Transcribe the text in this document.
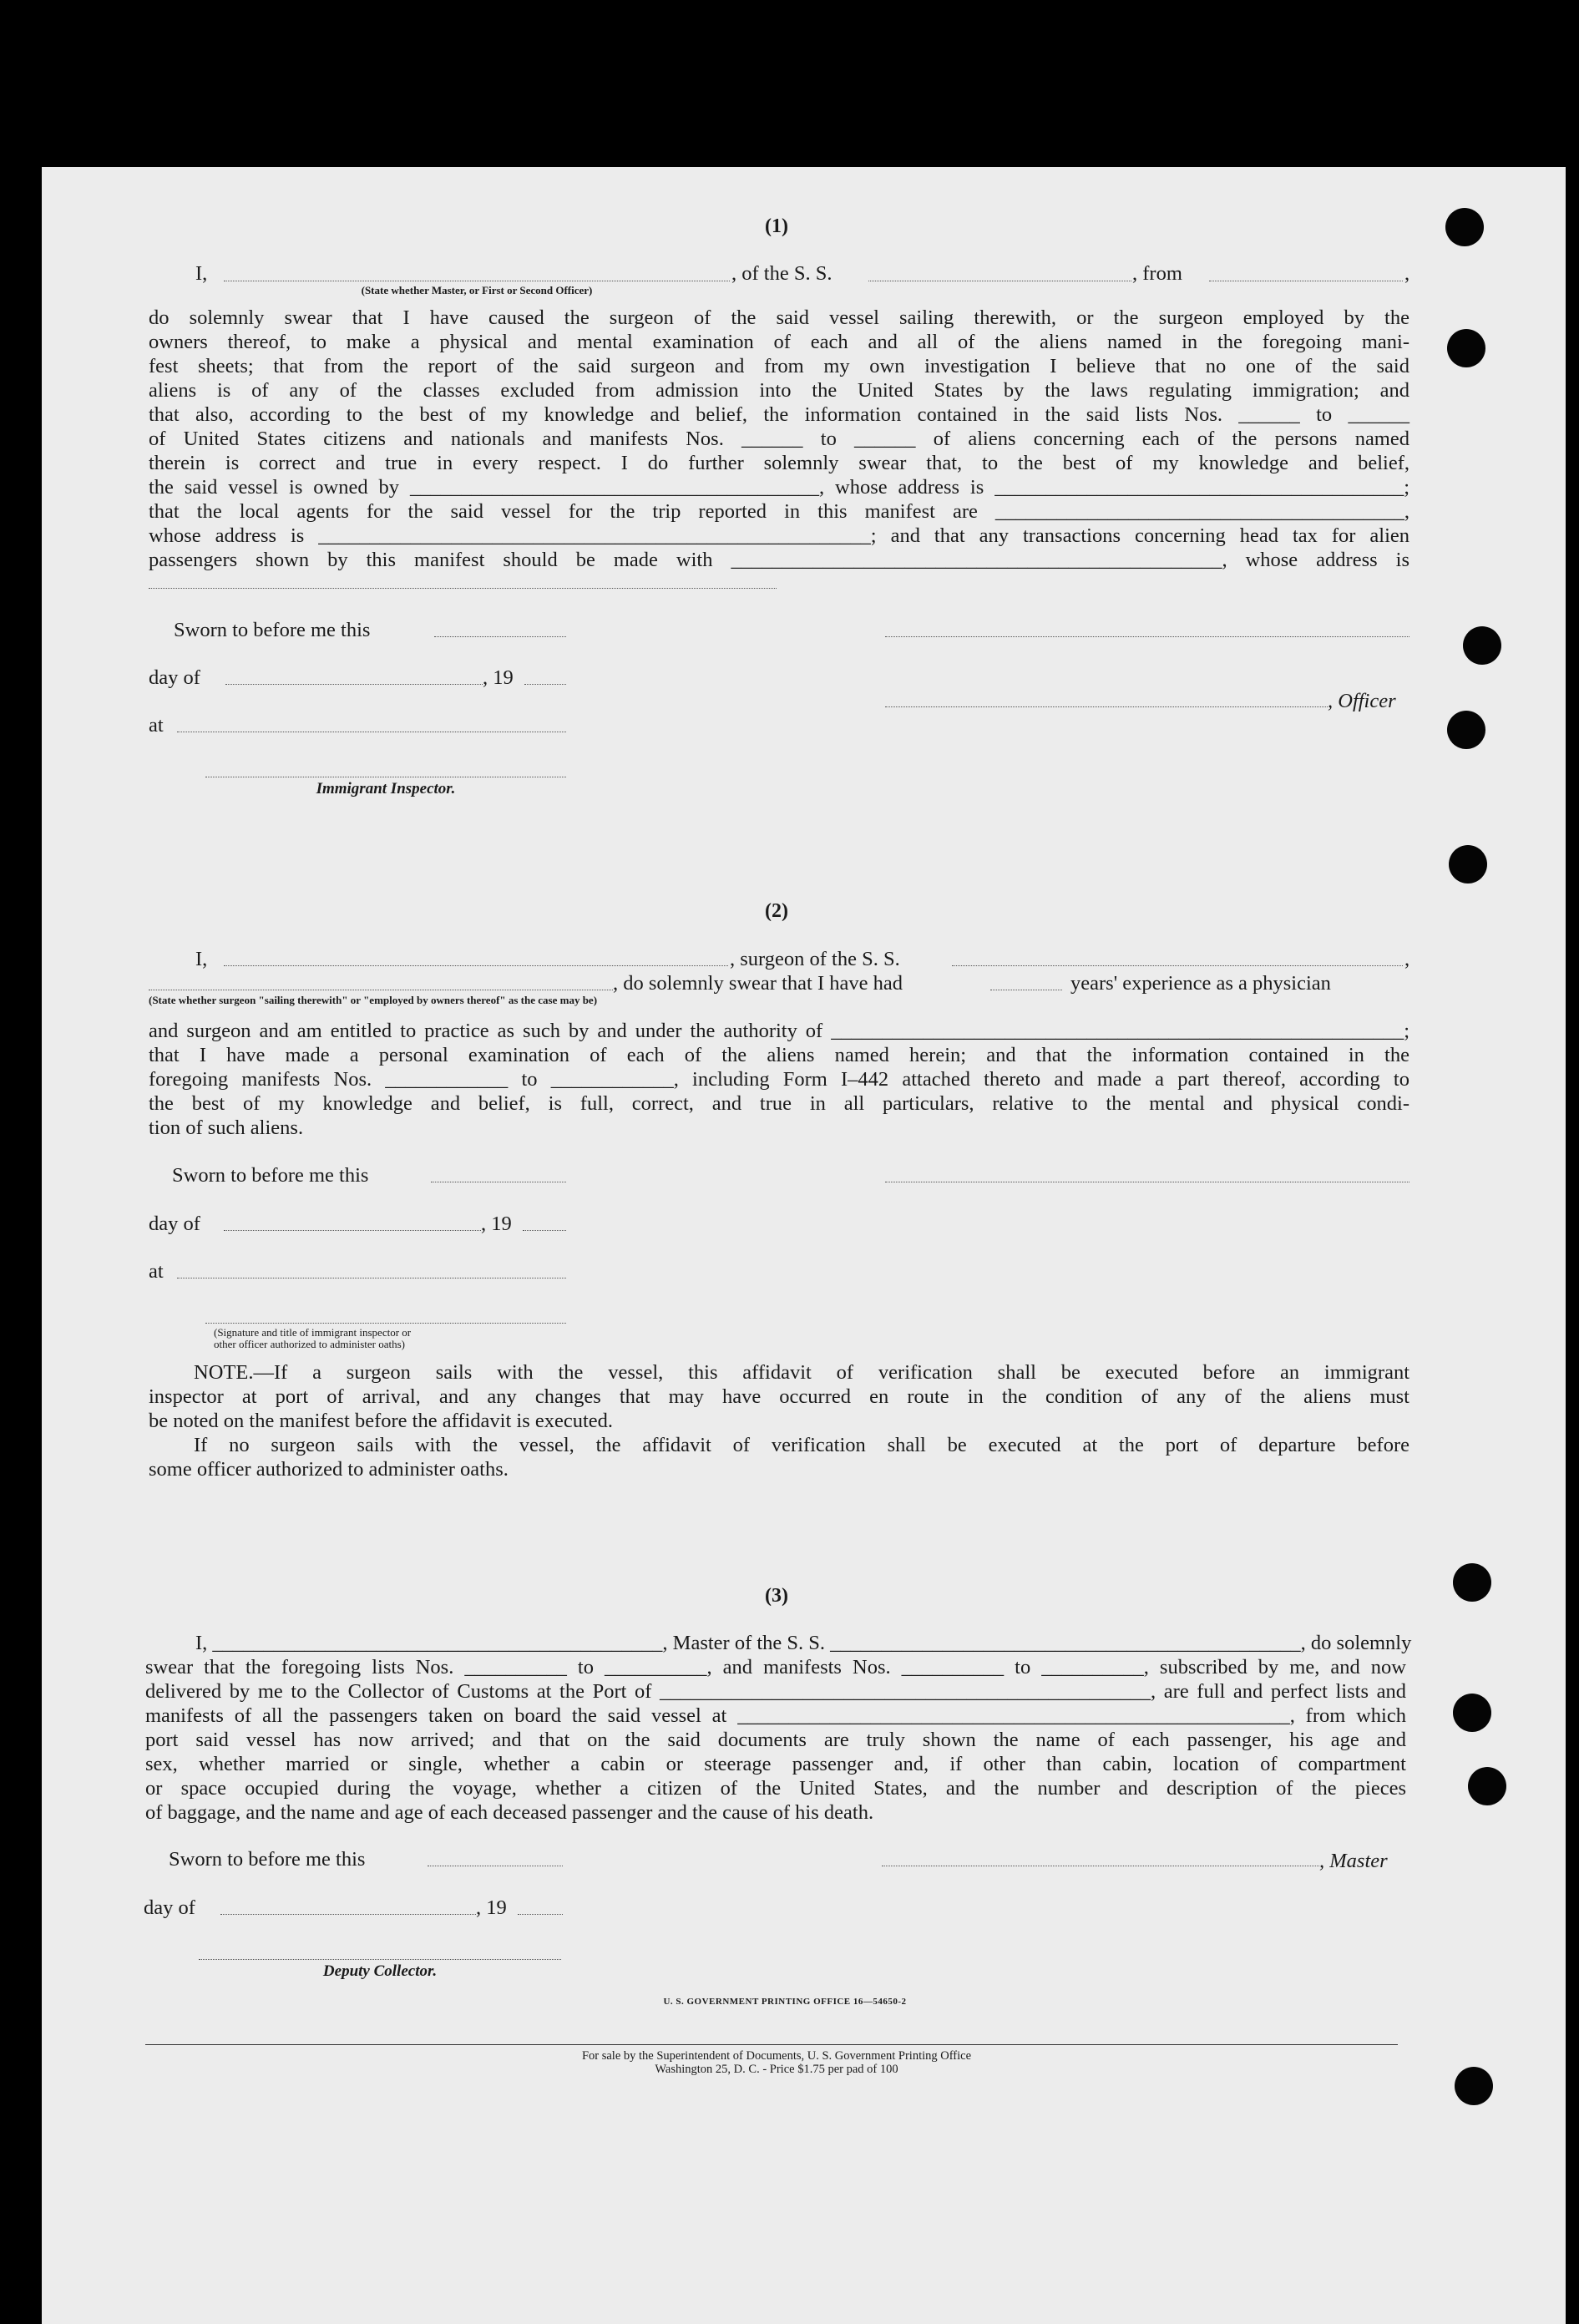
(1)
I,	, of the S. S.	, from	,
(State whether Master, or First or Second Officer)
do solemnly swear that I have caused the surgeon of the said vessel sailing therewith, or the surgeon employed by the
owners thereof, to make a physical and mental examination of each and all of the aliens named in the foregoing mani-
fest sheets; that from the report of the said surgeon and from my own investigation I believe that no one of the said
aliens is of any of the classes excluded from admission into the United States by the laws regulating immigration; and
that also, according to the best of my knowledge and belief, the information contained in the said lists Nos. ______ to ______
of United States citizens and nationals and manifests Nos. ______ to ______ of aliens concerning each of the persons named
therein is correct and true in every respect. I do further solemnly swear that, to the best of my knowledge and belief,
the said vessel is owned by ________________________________________, whose address is ________________________________________;
that the local agents for the said vessel for the trip reported in this manifest are ________________________________________,
whose address is ______________________________________________________; and that any transactions concerning head tax for alien
passengers shown by this manifest should be made with ________________________________________________, whose address is
Sworn to before me this
day of	, 19
, Officer
at
Immigrant Inspector.
(2)
I,	, surgeon of the S. S.	,
, do solemnly swear that I have had	years' experience as a physician
(State whether surgeon "sailing therewith" or "employed by owners thereof" as the case may be)
and surgeon and am entitled to practice as such by and under the authority of ________________________________________________________;
that I have made a personal examination of each of the aliens named herein; and that the information contained in the
foregoing manifests Nos. ____________ to ____________, including Form I–442 attached thereto and made a part thereof, according to
the best of my knowledge and belief, is full, correct, and true in all particulars, relative to the mental and physical condi-
tion of such aliens.
Sworn to before me this
day of	, 19
at
(Signature and title of immigrant inspector or
other officer authorized to administer oaths)
NOTE.—If a surgeon sails with the vessel, this affidavit of verification shall be executed before an immigrant
inspector at port of arrival, and any changes that may have occurred en route in the condition of any of the aliens must
be noted on the manifest before the affidavit is executed.
If no surgeon sails with the vessel, the affidavit of verification shall be executed at the port of departure before
some officer authorized to administer oaths.
(3)
I, ____________________________________________, Master of the S. S. ______________________________________________, do solemnly
swear that the foregoing lists Nos. __________ to __________, and manifests Nos. __________ to __________, subscribed by me, and now
delivered by me to the Collector of Customs at the Port of ________________________________________________, are full and perfect lists and
manifests of all the passengers taken on board the said vessel at ______________________________________________________, from which
port said vessel has now arrived; and that on the said documents are truly shown the name of each passenger, his age and
sex, whether married or single, whether a cabin or steerage passenger and, if other than cabin, location of compartment
or space occupied during the voyage, whether a citizen of the United States, and the number and description of the pieces
of baggage, and the name and age of each deceased passenger and the cause of his death.
Sworn to before me this	, Master
day of	, 19
Deputy Collector.
U. S. GOVERNMENT PRINTING OFFICE 16—54650-2
For sale by the Superintendent of Documents, U. S. Government Printing Office
Washington 25, D. C. - Price $1.75 per pad of 100
